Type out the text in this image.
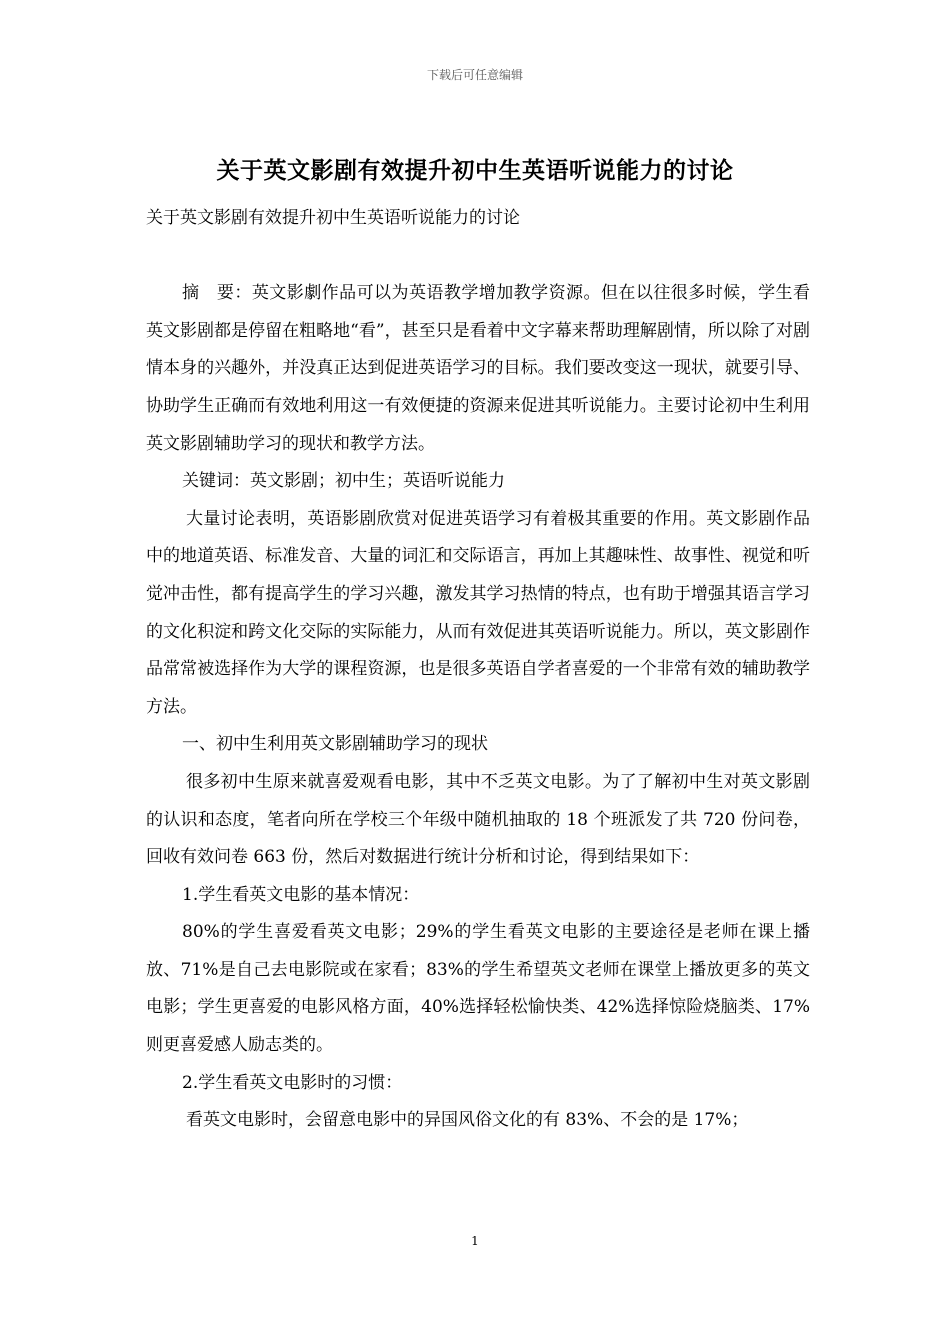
下载后可任意编辑
关于英文影剧有效提升初中生英语听说能力的讨论

关于英文影剧有效提升初中生英语听说能力的讨论

摘　要：英文影劇作品可以为英语教学增加教学资源。但在以往很多时候，学生看英文影剧都是停留在粗略地“看”，甚至只是看着中文字幕来帮助理解剧情，所以除了对剧情本身的兴趣外，并没真正达到促进英语学习的目标。我们要改变这一现状，就要引导、协助学生正确而有效地利用这一有效便捷的资源来促进其听说能力。主要讨论初中生利用英文影剧辅助学习的现状和教学方法。

关键词：英文影剧；初中生；英语听说能力

大量讨论表明，英语影剧欣赏对促进英语学习有着极其重要的作用。英文影剧作品中的地道英语、标准发音、大量的词汇和交际语言，再加上其趣味性、故事性、视觉和听觉冲击性，都有提高学生的学习兴趣，激发其学习热情的特点，也有助于增强其语言学习的文化积淀和跨文化交际的实际能力，从而有效促进其英语听说能力。所以，英文影剧作品常常被选择作为大学的课程资源，也是很多英语自学者喜爱的一个非常有效的辅助教学方法。

一、初中生利用英文影剧辅助学习的现状

很多初中生原来就喜爱观看电影，其中不乏英文电影。为了了解初中生对英文影剧的认识和态度，笔者向所在学校三个年级中随机抽取的 18 个班派发了共 720 份问卷，回收有效问卷 663 份，然后对数据进行统计分析和讨论，得到结果如下：

1.学生看英文电影的基本情况：

80%的学生喜爱看英文电影；29%的学生看英文电影的主要途径是老师在课上播放、71%是自己去电影院或在家看；83%的学生希望英文老师在课堂上播放更多的英文电影；学生更喜爱的电影风格方面，40%选择轻松愉快类、42%选择惊险烧脑类、17%则更喜爱感人励志类的。

2.学生看英文电影时的习惯：

看英文电影时，会留意电影中的异国风俗文化的有 83%、不会的是 17%；

1
